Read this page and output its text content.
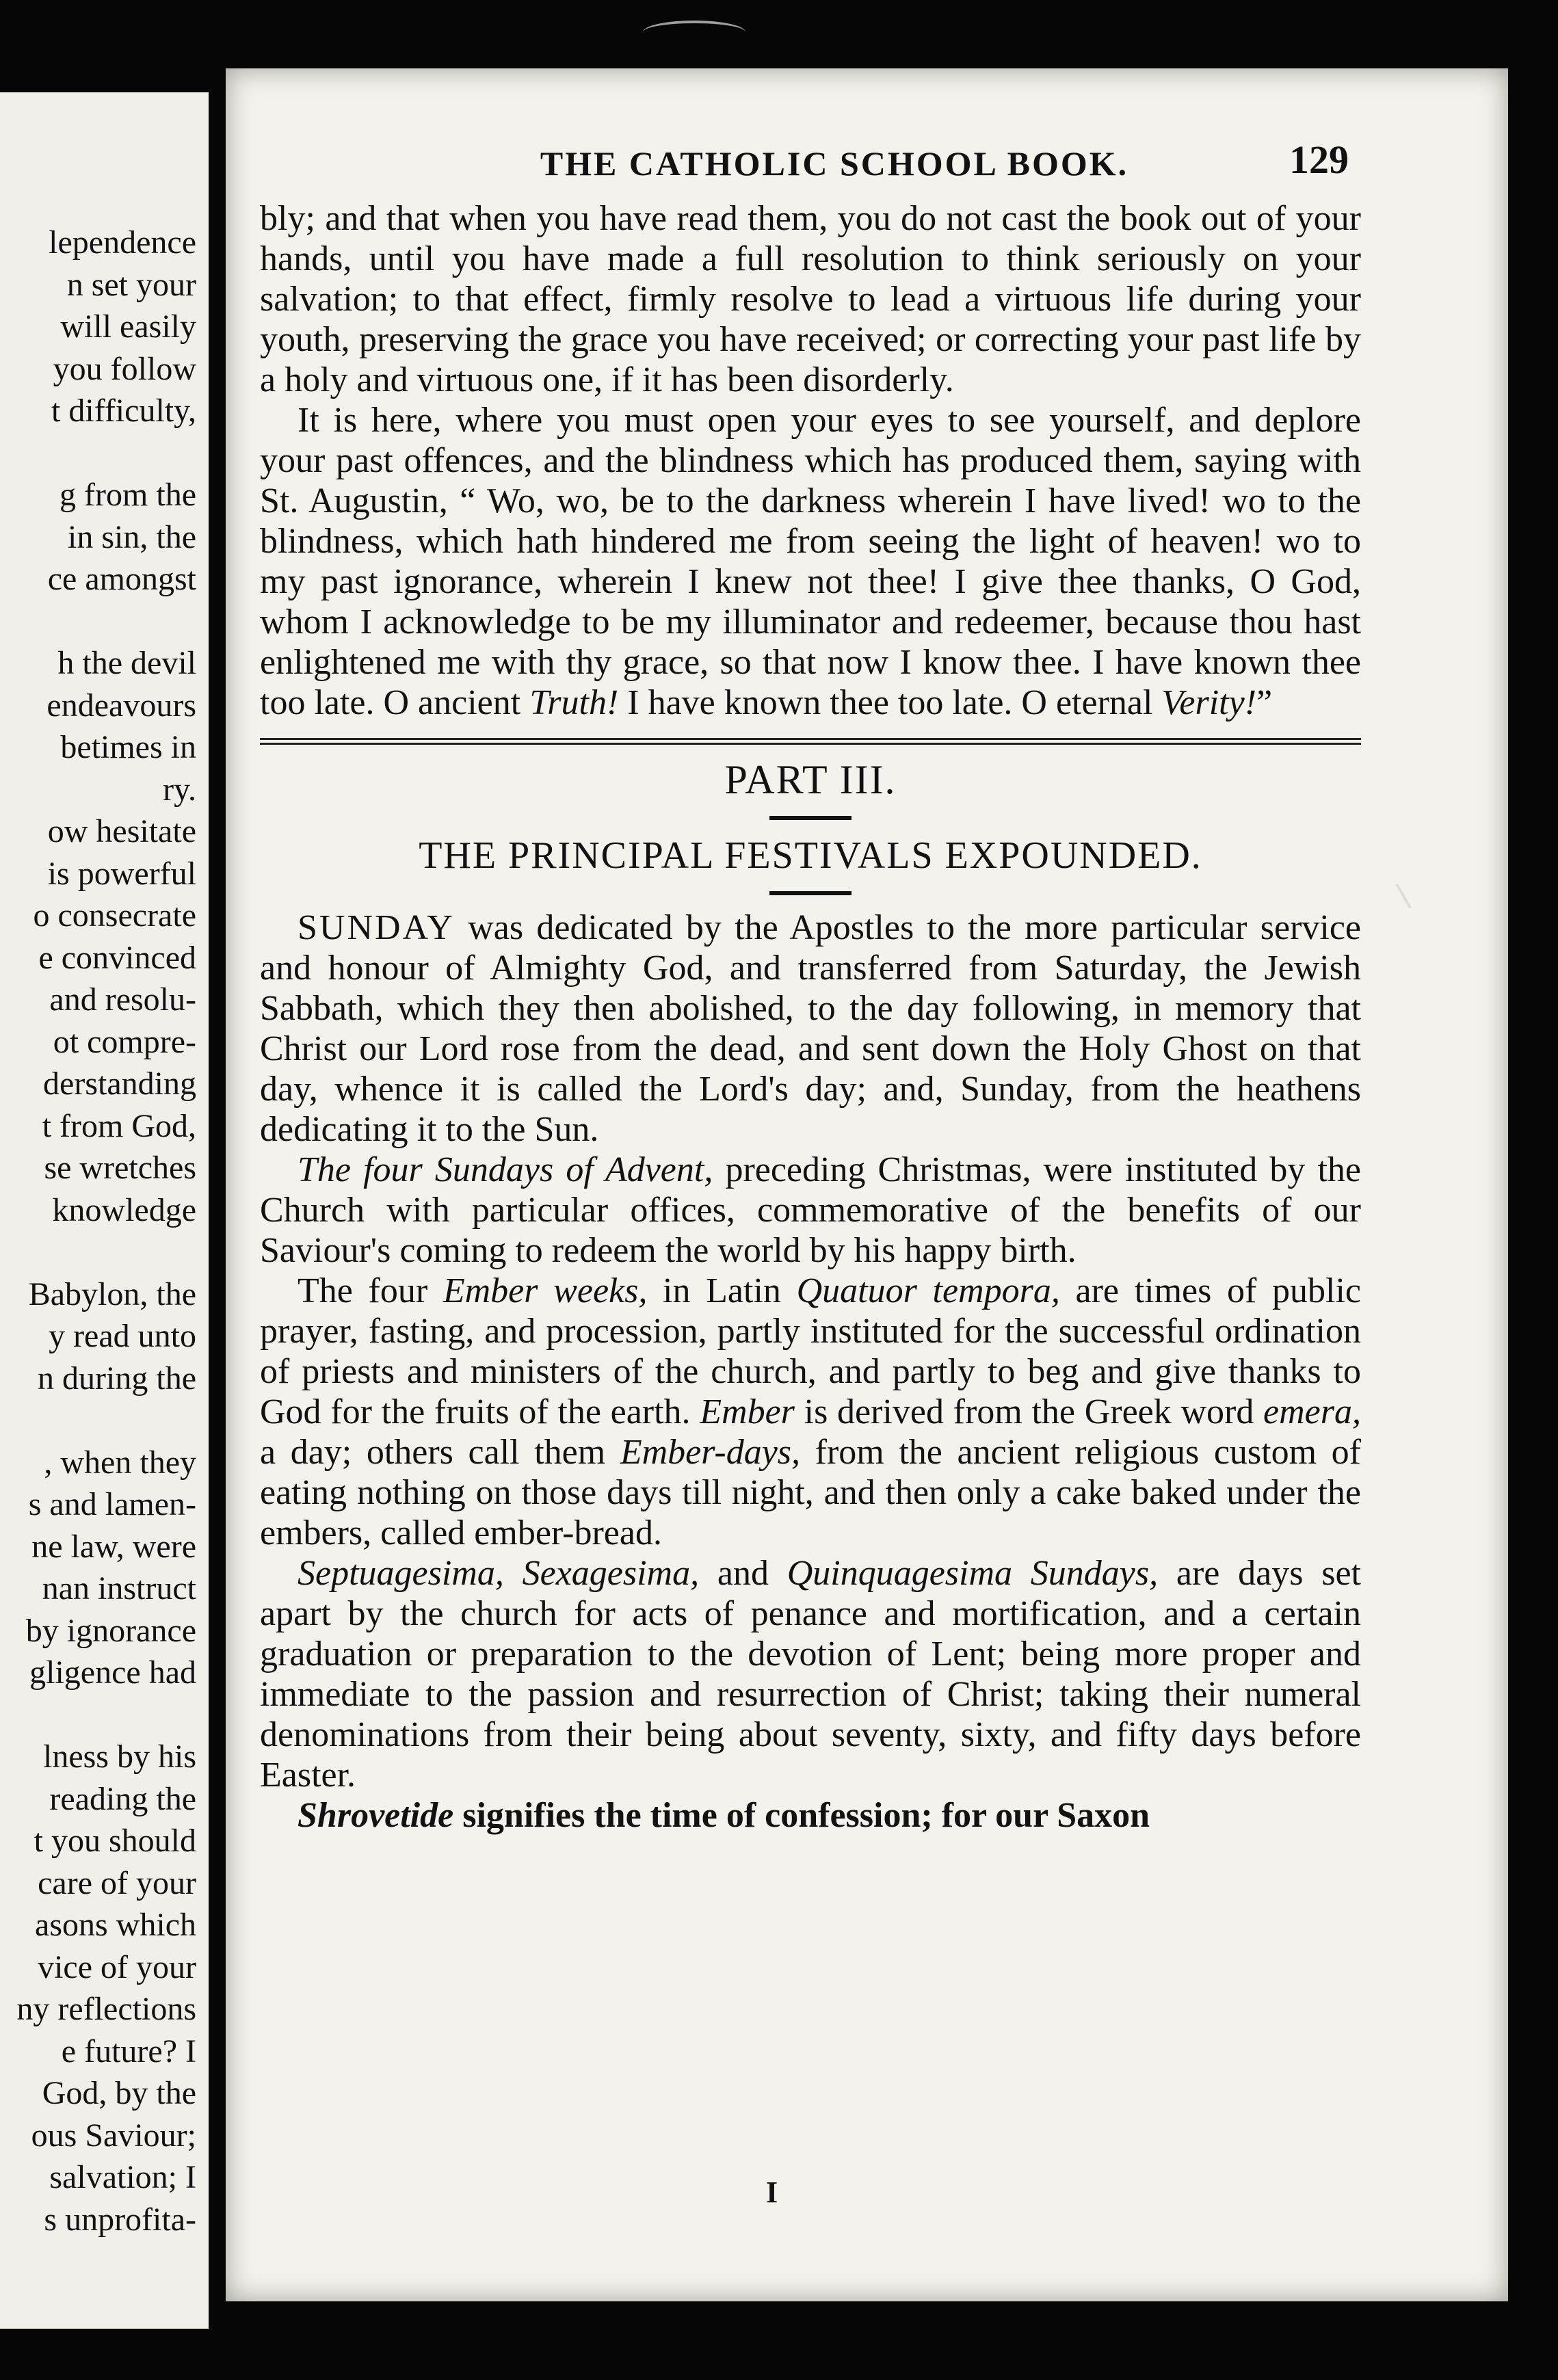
lependence
n set your
will easily
you follow
t difficulty,
g from the
in sin, the
ce amongst
h the devil
endeavours
betimes in
ry.
ow hesitate
is powerful
o consecrate
e convinced
and resolu-
ot compre-
derstanding
t from God,
se wretches
knowledge
Babylon, the
y read unto
n during the
, when they
s and lamen-
ne law, were
nan instruct
by ignorance
gligence had
lness by his
reading the
t you should
care of your
asons which
vice of your
ny reflections
e future? I
God, by the
ous Saviour;
salvation; I
s unprofita-
THE CATHOLIC SCHOOL BOOK.	129

bly; and that when you have read them, you do not cast the book out of your hands, until you have made a full resolution to think seriously on your salvation; to that effect, firmly resolve to lead a virtuous life during your youth, preserving the grace you have received; or correcting your past life by a holy and virtuous one, if it has been disorderly.

It is here, where you must open your eyes to see yourself, and deplore your past offences, and the blindness which has produced them, saying with St. Augustin, “ Wo, wo, be to the darkness wherein I have lived! wo to the blindness, which hath hindered me from seeing the light of heaven! wo to my past ignorance, wherein I knew not thee! I give thee thanks, O God, whom I acknowledge to be my illuminator and redeemer, because thou hast enlightened me with thy grace, so that now I know thee. I have known thee too late. O ancient Truth! I have known thee too late. O eternal Verity!”

PART III.
THE PRINCIPAL FESTIVALS EXPOUNDED.

SUNDAY was dedicated by the Apostles to the more particular service and honour of Almighty God, and transferred from Saturday, the Jewish Sabbath, which they then abolished, to the day following, in memory that Christ our Lord rose from the dead, and sent down the Holy Ghost on that day, whence it is called the Lord's day; and, Sunday, from the heathens dedicating it to the Sun.

The four Sundays of Advent, preceding Christmas, were instituted by the Church with particular offices, commemorative of the benefits of our Saviour's coming to redeem the world by his happy birth.

The four Ember weeks, in Latin Quatuor tempora, are times of public prayer, fasting, and procession, partly instituted for the successful ordination of priests and ministers of the church, and partly to beg and give thanks to God for the fruits of the earth. Ember is derived from the Greek word emera, a day; others call them Ember-days, from the ancient religious custom of eating nothing on those days till night, and then only a cake baked under the embers, called ember-bread.

Septuagesima, Sexagesima, and Quinquagesima Sundays, are days set apart by the church for acts of penance and mortification, and a certain graduation or preparation to the devotion of Lent; being more proper and immediate to the passion and resurrection of Christ; taking their numeral denominations from their being about seventy, sixty, and fifty days before Easter.

Shrovetide signifies the time of confession; for our Saxon

I
